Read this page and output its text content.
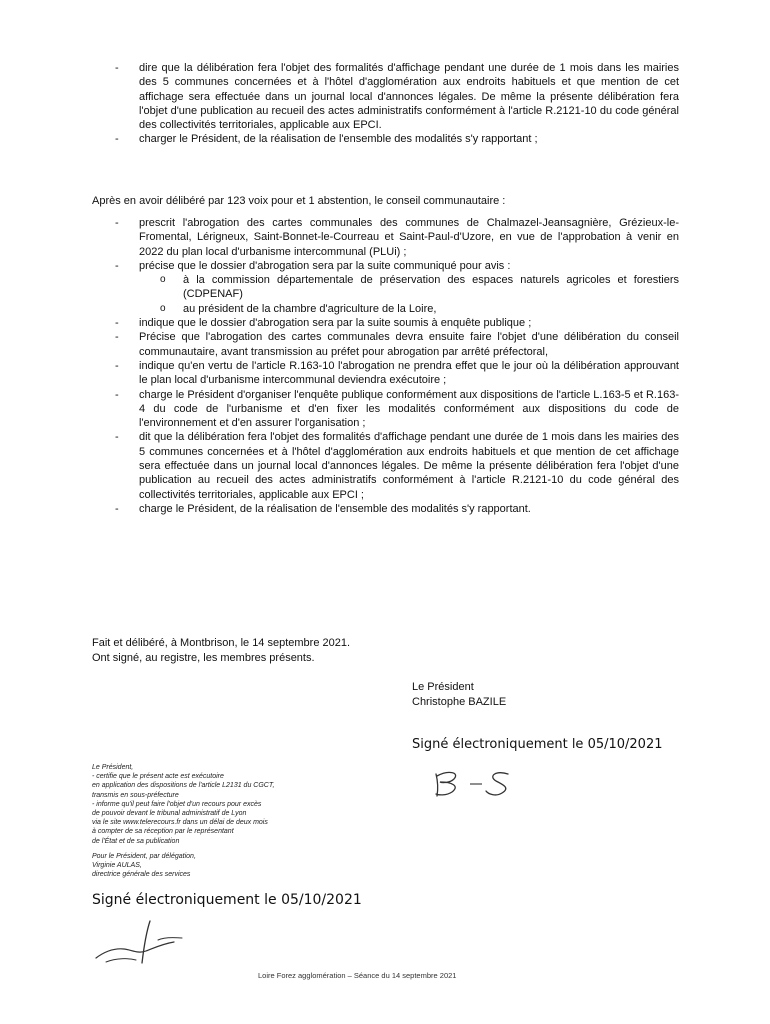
- dire que la délibération fera l'objet des formalités d'affichage pendant une durée de 1 mois dans les mairies des 5 communes concernées et à l'hôtel d'agglomération aux endroits habituels et que mention de cet affichage sera effectuée dans un journal local d'annonces légales. De même la présente délibération fera l'objet d'une publication au recueil des actes administratifs conformément à l'article R.2121-10 du code général des collectivités territoriales, applicable aux EPCI.
- charger le Président, de la réalisation de l'ensemble des modalités s'y rapportant ;
Après en avoir délibéré par 123 voix pour et 1 abstention, le conseil communautaire :
- prescrit l'abrogation des cartes communales des communes de Chalmazel-Jeansagnière, Grézieux-le-Fromental, Lérigneux, Saint-Bonnet-le-Courreau et Saint-Paul-d'Uzore, en vue de l'approbation à venir en 2022 du plan local d'urbanisme intercommunal (PLUi) ;
- précise que le dossier d'abrogation sera par la suite communiqué pour avis :
o à la commission départementale de préservation des espaces naturels agricoles et forestiers (CDPENAF)
o au président de la chambre d'agriculture de la Loire,
- indique que le dossier d'abrogation sera par la suite soumis à enquête publique ;
- Précise que l'abrogation des cartes communales devra ensuite faire l'objet d'une délibération du conseil communautaire, avant transmission au préfet pour abrogation par arrêté préfectoral,
- indique qu'en vertu de l'article R.163-10 l'abrogation ne prendra effet que le jour où la délibération approuvant le plan local d'urbanisme intercommunal deviendra exécutoire ;
- charge le Président d'organiser l'enquête publique conformément aux dispositions de l'article L.163-5 et R.163-4 du code de l'urbanisme et d'en fixer les modalités conformément aux dispositions du code de l'environnement et d'en assurer l'organisation ;
- dit que la délibération fera l'objet des formalités d'affichage pendant une durée de 1 mois dans les mairies des 5 communes concernées et à l'hôtel d'agglomération aux endroits habituels et que mention de cet affichage sera effectuée dans un journal local d'annonces légales. De même la présente délibération fera l'objet d'une publication au recueil des actes administratifs conformément à l'article R.2121-10 du code général des collectivités territoriales, applicable aux EPCI ;
- charge le Président, de la réalisation de l'ensemble des modalités s'y rapportant.
Fait et délibéré, à Montbrison, le 14 septembre 2021.
Ont signé, au registre, les membres présents.
Le Président
Christophe BAZILE
Signé électroniquement le 05/10/2021
Le Président,
- certifie que le présent acte est exécutoire
en application des dispositions de l'article L2131 du CGCT,
transmis en sous-préfecture
- informe qu'il peut faire l'objet d'un recours pour excès
de pouvoir devant le tribunal administratif de Lyon
via le site www.telerecours.fr dans un délai de deux mois
à compter de sa réception par le représentant
de l'État et de sa publication
Pour le Président, par délégation,
Virginie AULAS,
directrice générale des services
Signé électroniquement le 05/10/2021
Loire Forez agglomération – Séance du 14 septembre 2021
